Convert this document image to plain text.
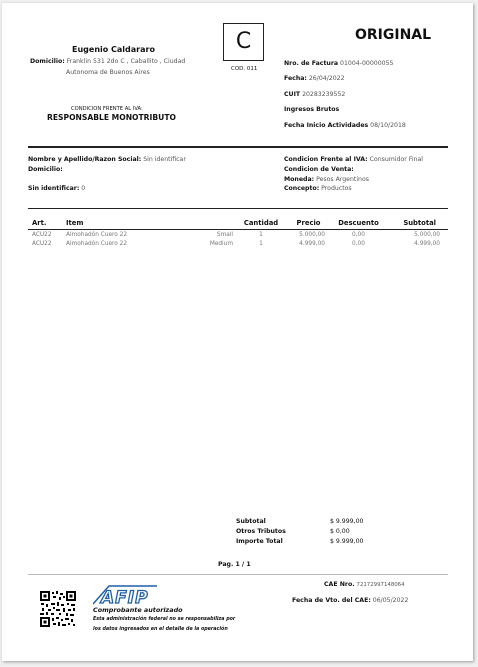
Eugenio Caldararo
Domicilio: Franklin 531 2do C , Caballito , Ciudad
Autonoma de Buenos Aires
CONDICION FRENTE AL IVA:
RESPONSABLE MONOTRIBUTO
C
COD. 011
ORIGINAL
Nro. de Factura 01004-00000055
Fecha: 26/04/2022
CUIT 20283239552
Ingresos Brutos
Fecha Inicio Actividades 08/10/2018
Nombre y Apellido/Razon Social: Sin identificar
Domicilio:
Sin identificar: 0
Condicion Frente al IVA: Consumidor Final
Condicion de Venta:
Moneda: Pesos Argentinos
Concepto: Productos
Art.	Item		Cantidad	Precio	Descuento	Subtotal
ACU22	Almohadón Cuero 22	Small	1	5.000,00	0,00	5.000,00
ACU22	Almohadón Cuero 22	Medium	1	4.999,00	0,00	4.999,00
Subtotal	$ 9.999,00
Otros Tributos	$ 0,00
Importe Total	$ 9.999,00
Pag. 1 / 1
AFIP
Comprobante autorizado
Esta administración federal no se responsabiliza por
los datos ingresados en el detalle de la operación
CAE Nro. 72172997148064
Fecha de Vto. del CAE: 06/05/2022
